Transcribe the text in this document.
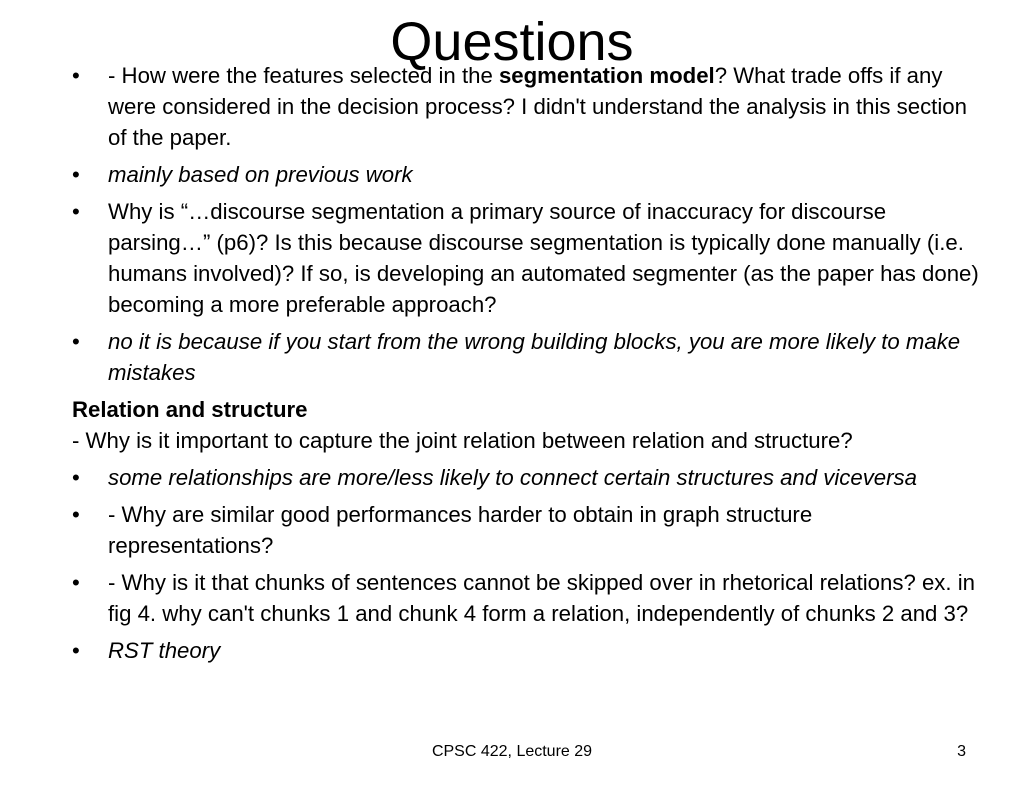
Questions
• - How were the features selected in the segmentation model? What trade offs if any were considered in the decision process? I didn't understand the analysis in this section of the paper.
• mainly based on previous work
• Why is “…discourse segmentation a primary source of inaccuracy for discourse parsing…” (p6)? Is this because discourse segmentation is typically done manually (i.e. humans involved)? If so, is developing an automated segmenter (as the paper has done) becoming a more preferable approach?
• no it is because if you start from the wrong building blocks, you are more likely to make mistakes
Relation and structure
- Why is it important to capture the joint relation between relation and structure?
• some relationships are more/less likely to connect certain structures and viceversa
• - Why are similar good performances harder to obtain in graph structure representations?
• - Why is it that chunks of sentences cannot be skipped over in rhetorical relations? ex. in fig 4. why can't chunks 1 and chunk 4 form a relation, independently of chunks 2 and 3?
• RST theory
CPSC 422, Lecture 29	3
